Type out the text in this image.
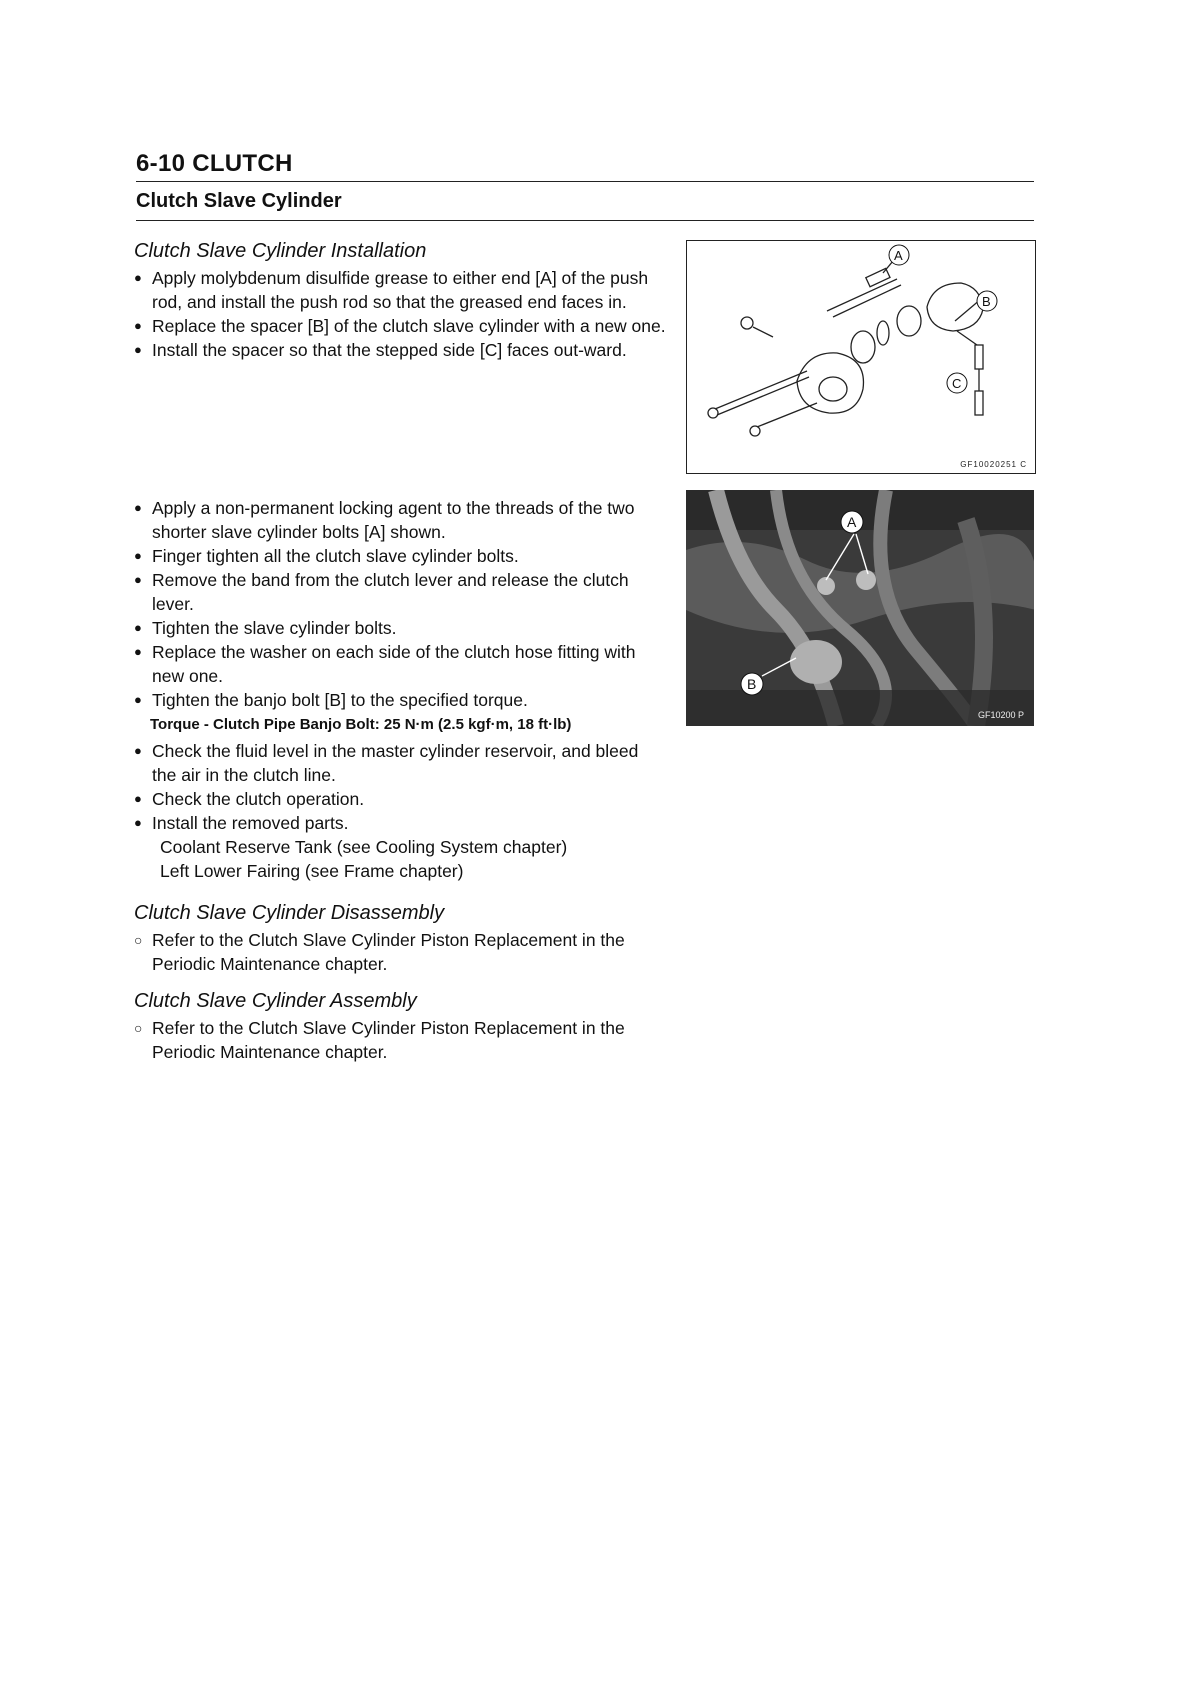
6-10 CLUTCH
Clutch Slave Cylinder
Clutch Slave Cylinder Installation
● Apply molybdenum disulfide grease to either end [A] of the push rod, and install the push rod so that the greased end faces in.
● Replace the spacer [B] of the clutch slave cylinder with a new one.
● Install the spacer so that the stepped side [C] faces out-ward.
● Apply a non-permanent locking agent to the threads of the two shorter slave cylinder bolts [A] shown.
● Finger tighten all the clutch slave cylinder bolts.
● Remove the band from the clutch lever and release the clutch lever.
● Tighten the slave cylinder bolts.
● Replace the washer on each side of the clutch hose fitting with new one.
● Tighten the banjo bolt [B] to the specified torque.
Torque - Clutch Pipe Banjo Bolt: 25 N·m (2.5 kgf·m, 18 ft·lb)
● Check the fluid level in the master cylinder reservoir, and bleed the air in the clutch line.
● Check the clutch operation.
● Install the removed parts.
Coolant Reserve Tank (see Cooling System chapter)
Left Lower Fairing (see Frame chapter)
Clutch Slave Cylinder Disassembly
○ Refer to the Clutch Slave Cylinder Piston Replacement in the Periodic Maintenance chapter.
Clutch Slave Cylinder Assembly
○ Refer to the Clutch Slave Cylinder Piston Replacement in the Periodic Maintenance chapter.
A
B
C
GF10020251 C
A
B
GF10200 P
